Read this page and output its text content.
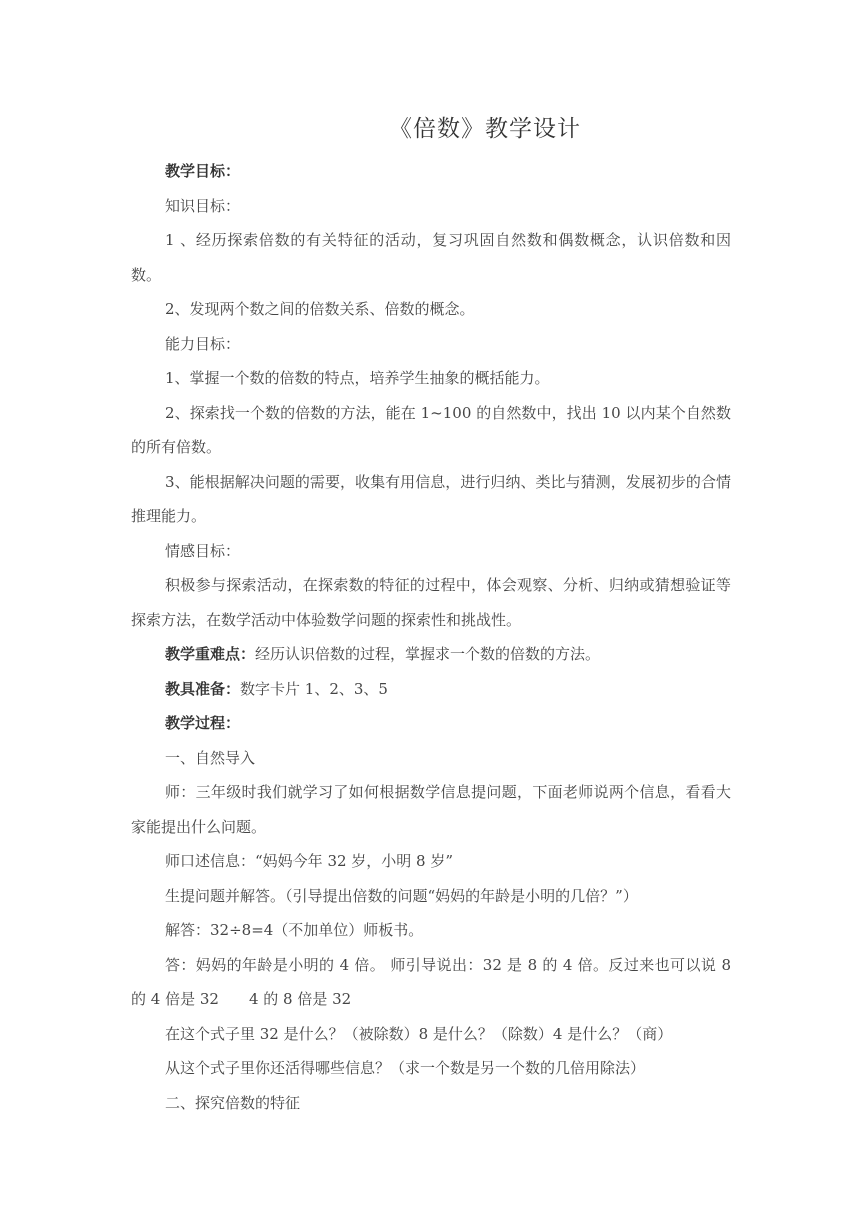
《倍数》教学设计

教学目标：

知识目标：

1 、经历探索倍数的有关特征的活动，复习巩固自然数和偶数概念，认识倍数和因数。

2、发现两个数之间的倍数关系、倍数的概念。

能力目标：

1、掌握一个数的倍数的特点，培养学生抽象的概括能力。

2、探索找一个数的倍数的方法，能在 1~100 的自然数中，找出 10 以内某个自然数的所有倍数。

3、能根据解决问题的需要，收集有用信息，进行归纳、类比与猜测，发展初步的合情推理能力。

情感目标：

积极参与探索活动，在探索数的特征的过程中，体会观察、分析、归纳或猜想验证等探索方法，在数学活动中体验数学问题的探索性和挑战性。

教学重难点：经历认识倍数的过程，掌握求一个数的倍数的方法。

教具准备：数字卡片 1、2、3、5

教学过程：

一、自然导入

师：三年级时我们就学习了如何根据数学信息提问题，下面老师说两个信息，看看大家能提出什么问题。

师口述信息：“妈妈今年 32 岁，小明 8 岁”

生提问题并解答。（引导提出倍数的问题“妈妈的年龄是小明的几倍？”）

解答：32÷8=4（不加单位）师板书。

答：妈妈的年龄是小明的 4 倍。 师引导说出：32 是 8 的 4 倍。反过来也可以说 8 的 4 倍是 32 4 的 8 倍是 32

在这个式子里 32 是什么？（被除数）8 是什么？（除数）4 是什么？（商）

从这个式子里你还活得哪些信息？（求一个数是另一个数的几倍用除法）

二、探究倍数的特征
